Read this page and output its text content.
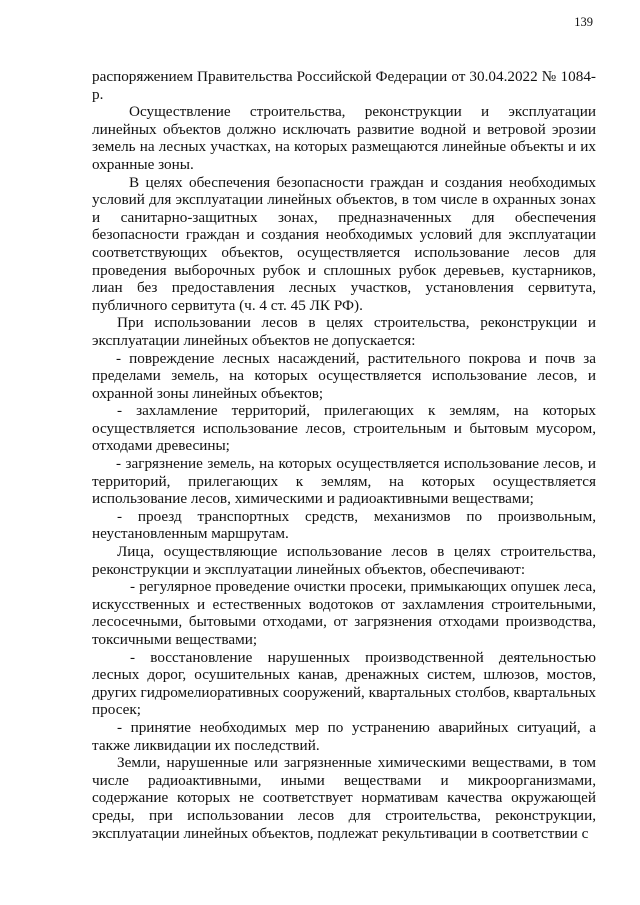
139

распоряжением Правительства Российской Федерации от 30.04.2022 № 1084-р.

Осуществление строительства, реконструкции и эксплуатации линейных объектов должно исключать развитие водной и ветровой эрозии земель на лесных участках, на которых размещаются линейные объекты и их охранные зоны.

В целях обеспечения безопасности граждан и создания необходимых условий для эксплуатации линейных объектов, в том числе в охранных зонах и санитарно-защитных зонах, предназначенных для обеспечения безопасности граждан и создания необходимых условий для эксплуатации соответствующих объектов, осуществляется использование лесов для проведения выборочных рубок и сплошных рубок деревьев, кустарников, лиан без предоставления лесных участков, установления сервитута, публичного сервитута (ч. 4 ст. 45 ЛК РФ).

При использовании лесов в целях строительства, реконструкции и эксплуатации линейных объектов не допускается:

- повреждение лесных насаждений, растительного покрова и почв за пределами земель, на которых осуществляется использование лесов, и охранной зоны линейных объектов;

- захламление территорий, прилегающих к землям, на которых осуществляется использование лесов, строительным и бытовым мусором, отходами древесины;

- загрязнение земель, на которых осуществляется использование лесов, и территорий, прилегающих к землям, на которых осуществляется использование лесов, химическими и радиоактивными веществами;

- проезд транспортных средств, механизмов по произвольным, неустановленным маршрутам.

Лица, осуществляющие использование лесов в целях строительства, реконструкции и эксплуатации линейных объектов, обеспечивают:

- регулярное проведение очистки просеки, примыкающих опушек леса, искусственных и естественных водотоков от захламления строительными, лесосечными, бытовыми отходами, от загрязнения отходами производства, токсичными веществами;

- восстановление нарушенных производственной деятельностью лесных дорог, осушительных канав, дренажных систем, шлюзов, мостов, других гидромелиоративных сооружений, квартальных столбов, квартальных просек;

- принятие необходимых мер по устранению аварийных ситуаций, а также ликвидации их последствий.

Земли, нарушенные или загрязненные химическими веществами, в том числе радиоактивными, иными веществами и микроорганизмами, содержание которых не соответствует нормативам качества окружающей среды, при использовании лесов для строительства, реконструкции, эксплуатации линейных объектов, подлежат рекультивации в соответствии с
